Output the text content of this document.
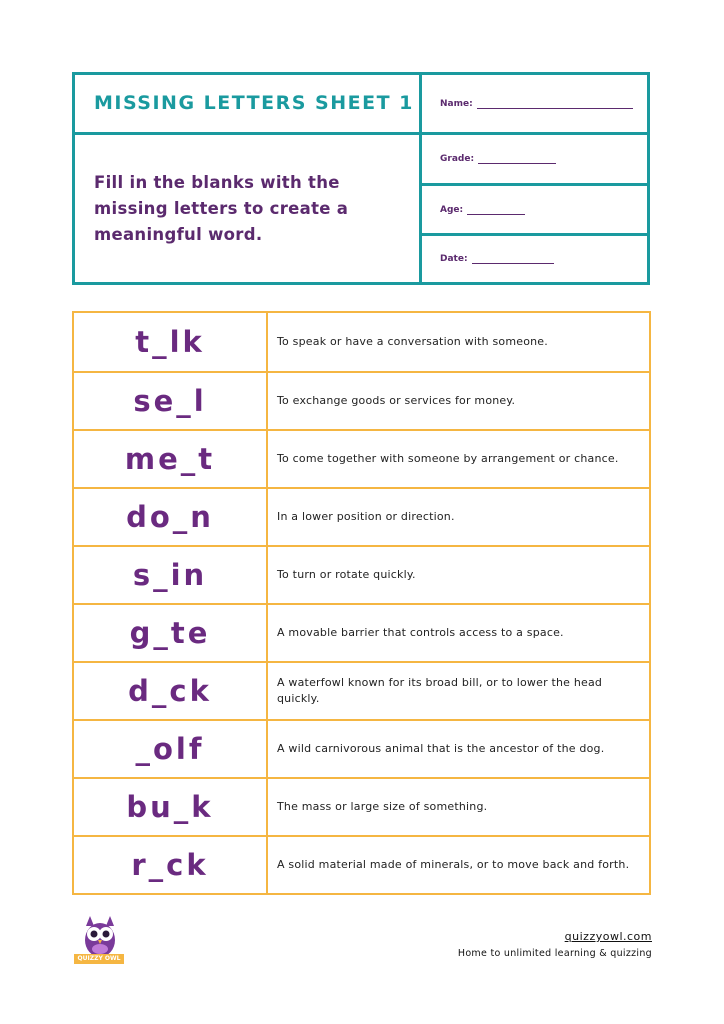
MISSING LETTERS SHEET 1
Fill in the blanks with the missing letters to create a meaningful word.
Name:
Grade:
Age:
Date:
t_lk	To speak or have a conversation with someone.
se_l	To exchange goods or services for money.
me_t	To come together with someone by arrangement or chance.
do_n	In a lower position or direction.
s_in	To turn or rotate quickly.
g_te	A movable barrier that controls access to a space.
d_ck	A waterfowl known for its broad bill, or to lower the head quickly.
_olf	A wild carnivorous animal that is the ancestor of the dog.
bu_k	The mass or large size of something.
r_ck	A solid material made of minerals, or to move back and forth.
QUIZZY OWL
quizzyowl.com
Home to unlimited learning & quizzing
